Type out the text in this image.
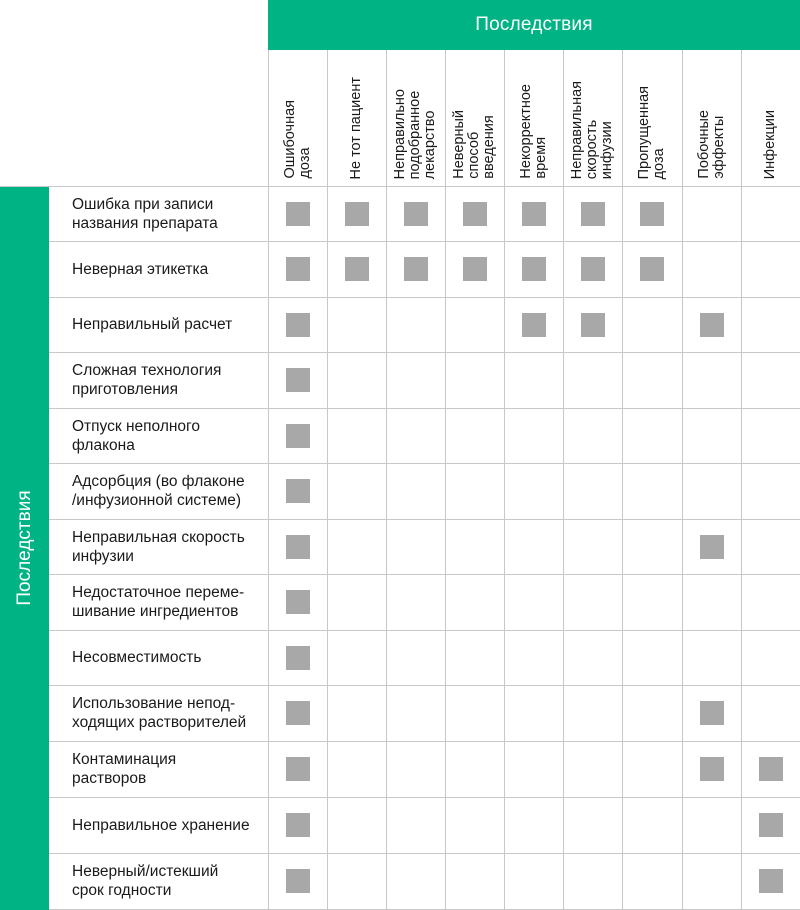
Последствия
Последствия
Ошибочная
доза Не тот пациент Неправильно
подобранное
лекарство Неверный
способ
введения Некорректное
время Неправильная
скорость
инфузии Пропущенная
доза Побочные
эффекты Инфекции
Ошибка при записи
названия препарата
Неверная этикетка
Неправильный расчет
Сложная технология
приготовления
Отпуск неполного
флакона
Адсорбция (во флаконе
/инфузионной системе)
Неправильная скорость
инфузии
Недостаточное переме-
шивание ингредиентов
Несовместимость
Использование непод-
ходящих растворителей
Контаминация
растворов
Неправильное хранение
Неверный/истекший
срок годности
